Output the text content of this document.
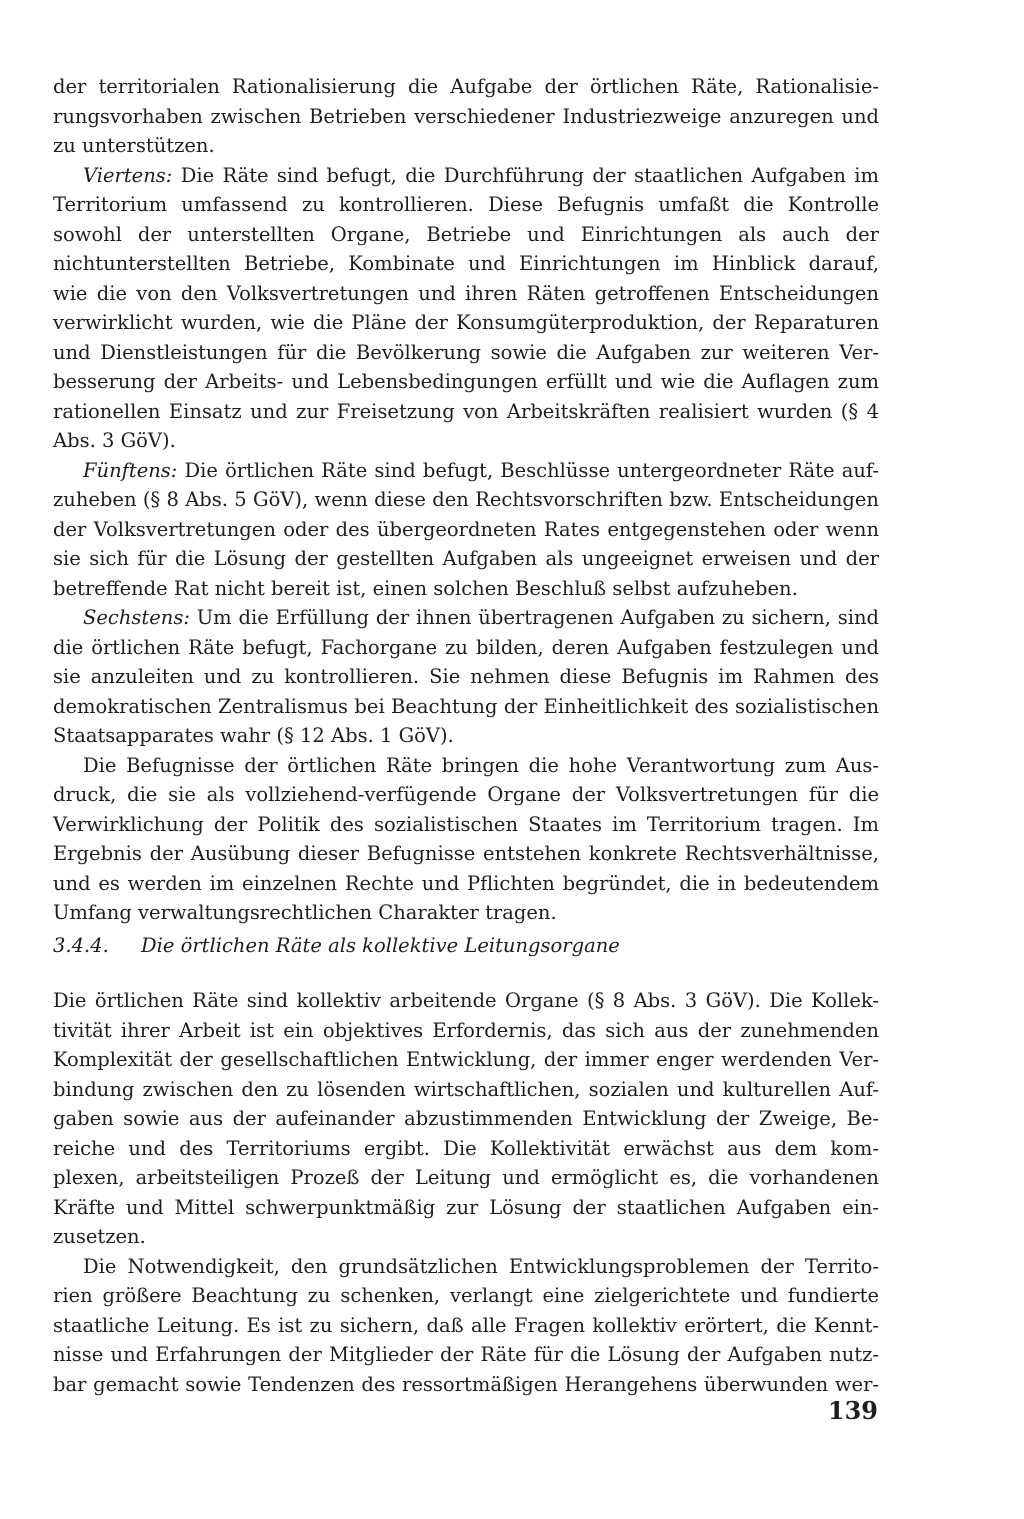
der territorialen Rationalisierung die Aufgabe der örtlichen Räte, Rationalisie-
rungsvorhaben zwischen Betrieben verschiedener Industriezweige anzuregen und
zu unterstützen.
Viertens: Die Räte sind befugt, die Durchführung der staatlichen Aufgaben im
Territorium umfassend zu kontrollieren. Diese Befugnis umfaßt die Kontrolle
sowohl der unterstellten Organe, Betriebe und Einrichtungen als auch der
nichtunterstellten Betriebe, Kombinate und Einrichtungen im Hinblick darauf,
wie die von den Volksvertretungen und ihren Räten getroffenen Entscheidungen
verwirklicht wurden, wie die Pläne der Konsumgüterproduktion, der Reparaturen
und Dienstleistungen für die Bevölkerung sowie die Aufgaben zur weiteren Ver-
besserung der Arbeits- und Lebensbedingungen erfüllt und wie die Auflagen zum
rationellen Einsatz und zur Freisetzung von Arbeitskräften realisiert wurden (§ 4
Abs. 3 GöV).
Fünftens: Die örtlichen Räte sind befugt, Beschlüsse untergeordneter Räte auf-
zuheben (§ 8 Abs. 5 GöV), wenn diese den Rechtsvorschriften bzw. Entscheidungen
der Volksvertretungen oder des übergeordneten Rates entgegenstehen oder wenn
sie sich für die Lösung der gestellten Aufgaben als ungeeignet erweisen und der
betreffende Rat nicht bereit ist, einen solchen Beschluß selbst aufzuheben.
Sechstens: Um die Erfüllung der ihnen übertragenen Aufgaben zu sichern, sind
die örtlichen Räte befugt, Fachorgane zu bilden, deren Aufgaben festzulegen und
sie anzuleiten und zu kontrollieren. Sie nehmen diese Befugnis im Rahmen des
demokratischen Zentralismus bei Beachtung der Einheitlichkeit des sozialistischen
Staatsapparates wahr (§ 12 Abs. 1 GöV).
Die Befugnisse der örtlichen Räte bringen die hohe Verantwortung zum Aus-
druck, die sie als vollziehend-verfügende Organe der Volksvertretungen für die
Verwirklichung der Politik des sozialistischen Staates im Territorium tragen. Im
Ergebnis der Ausübung dieser Befugnisse entstehen konkrete Rechtsverhältnisse,
und es werden im einzelnen Rechte und Pflichten begründet, die in bedeutendem
Umfang verwaltungsrechtlichen Charakter tragen.
3.4.4. Die örtlichen Räte als kollektive Leitungsorgane
Die örtlichen Räte sind kollektiv arbeitende Organe (§ 8 Abs. 3 GöV). Die Kollek-
tivität ihrer Arbeit ist ein objektives Erfordernis, das sich aus der zunehmenden
Komplexität der gesellschaftlichen Entwicklung, der immer enger werdenden Ver-
bindung zwischen den zu lösenden wirtschaftlichen, sozialen und kulturellen Auf-
gaben sowie aus der aufeinander abzustimmenden Entwicklung der Zweige, Be-
reiche und des Territoriums ergibt. Die Kollektivität erwächst aus dem kom-
plexen, arbeitsteiligen Prozeß der Leitung und ermöglicht es, die vorhandenen
Kräfte und Mittel schwerpunktmäßig zur Lösung der staatlichen Aufgaben ein-
zusetzen.
Die Notwendigkeit, den grundsätzlichen Entwicklungsproblemen der Territo-
rien größere Beachtung zu schenken, verlangt eine zielgerichtete und fundierte
staatliche Leitung. Es ist zu sichern, daß alle Fragen kollektiv erörtert, die Kennt-
nisse und Erfahrungen der Mitglieder der Räte für die Lösung der Aufgaben nutz-
bar gemacht sowie Tendenzen des ressortmäßigen Herangehens überwunden wer-
139
